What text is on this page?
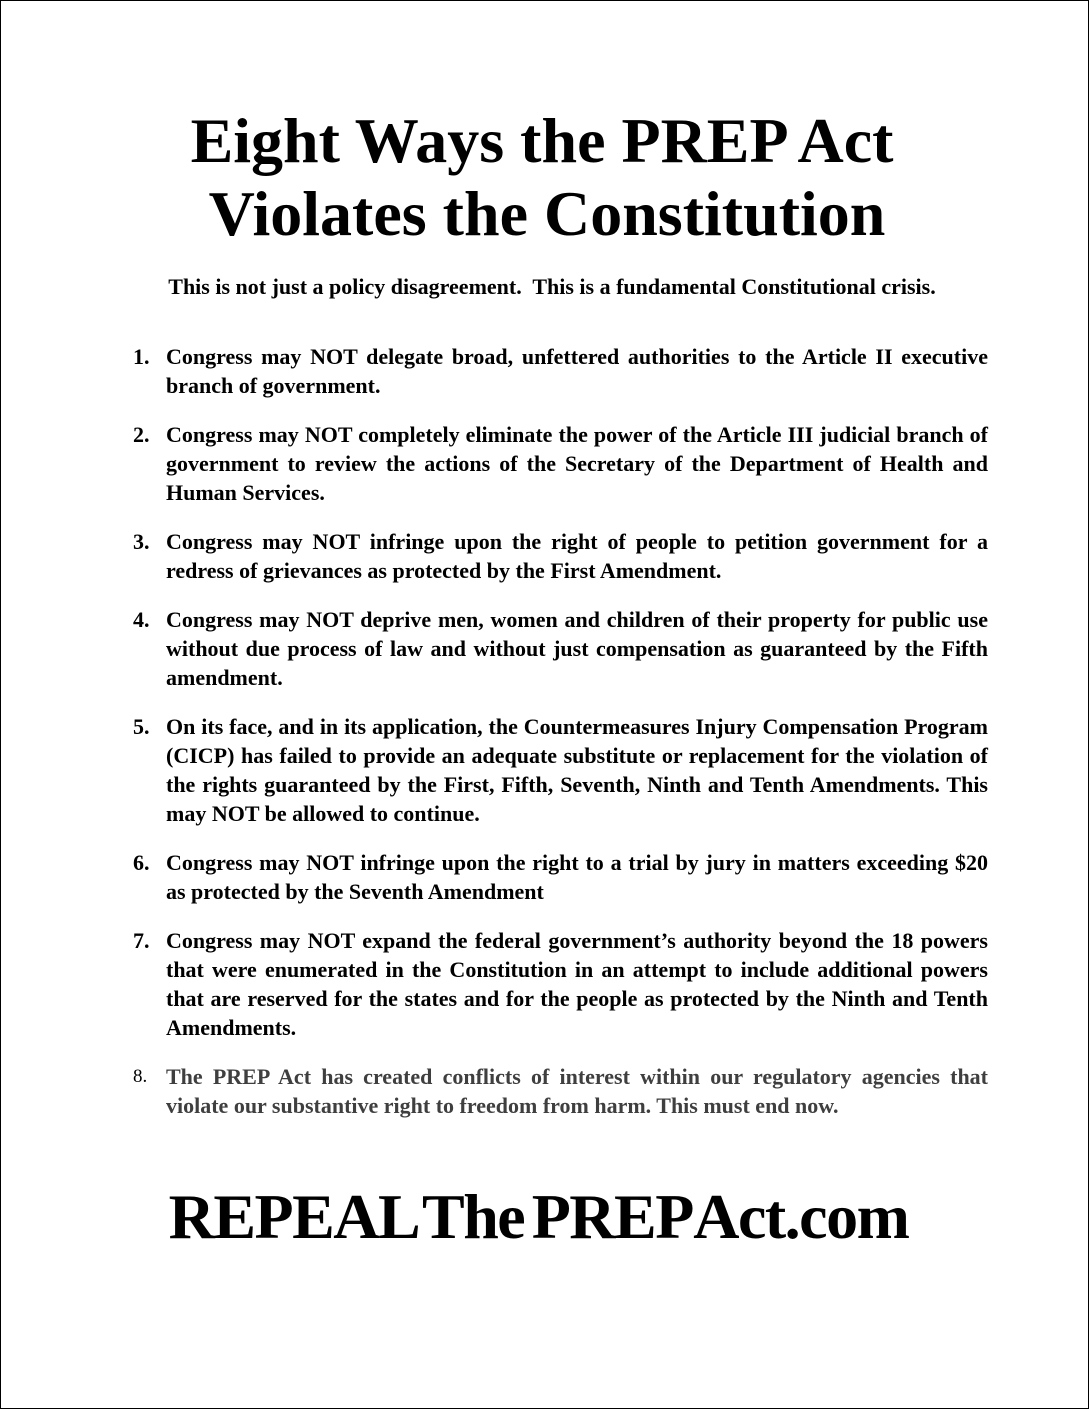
Eight Ways the PREP Act
Violates the Constitution

This is not just a policy disagreement.  This is a fundamental Constitutional crisis.

1. Congress may NOT delegate broad, unfettered authorities to the Article II executive branch of government.
2. Congress may NOT completely eliminate the power of the Article III judicial branch of government to review the actions of the Secretary of the Department of Health and Human Services.
3. Congress may NOT infringe upon the right of people to petition government for a redress of grievances as protected by the First Amendment.
4. Congress may NOT deprive men, women and children of their property for public use without due process of law and without just compensation as guaranteed by the Fifth amendment.
5. On its face, and in its application, the Countermeasures Injury Compensation Program (CICP) has failed to provide an adequate substitute or replacement for the violation of the rights guaranteed by the First, Fifth, Seventh, Ninth and Tenth Amendments. This may NOT be allowed to continue.
6. Congress may NOT infringe upon the right to a trial by jury in matters exceeding $20 as protected by the Seventh Amendment
7. Congress may NOT expand the federal government’s authority beyond the 18 powers that were enumerated in the Constitution in an attempt to include additional powers that are reserved for the states and for the people as protected by the Ninth and Tenth Amendments.
8. The PREP Act has created conflicts of interest within our regulatory agencies that violate our substantive right to freedom from harm. This must end now.

REPEAL The PREP Act.com
